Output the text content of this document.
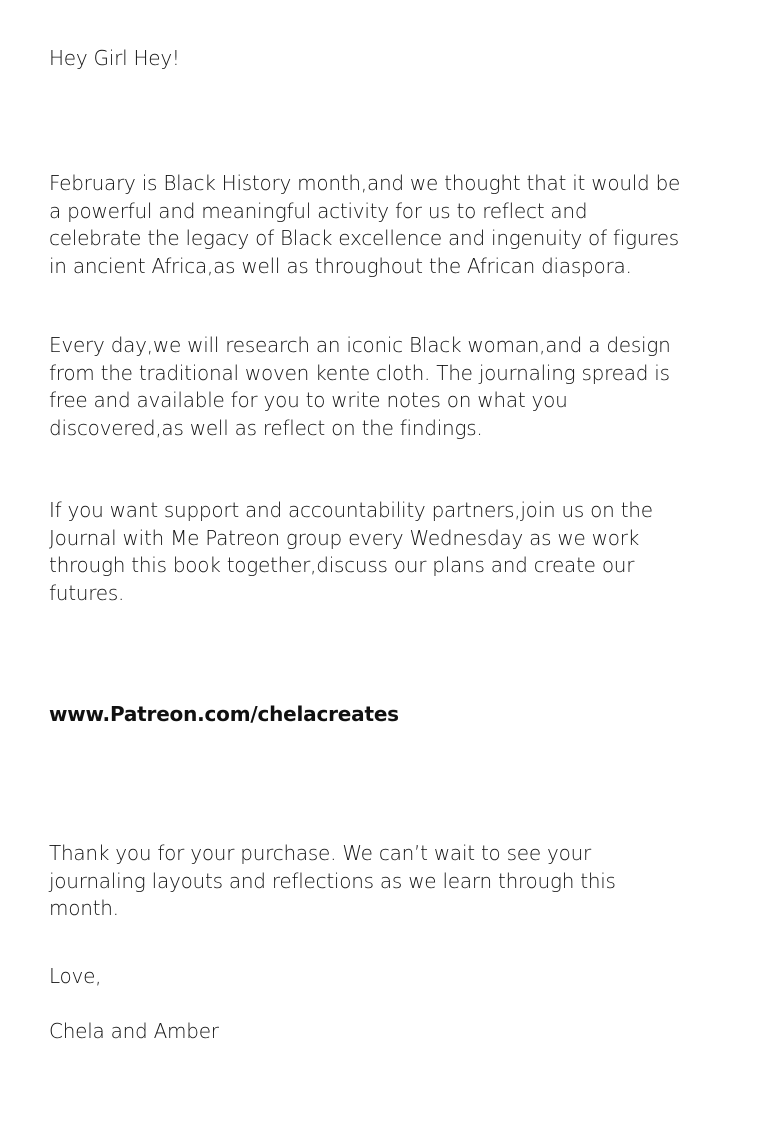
Hey Girl Hey!

February is Black History month,and we thought that it would be
a powerful and meaningful activity for us to reflect and
celebrate the legacy of Black excellence and ingenuity of figures
in ancient Africa,as well as throughout the African diaspora.

Every day,we will research an iconic Black woman,and a design
from the traditional woven kente cloth. The journaling spread is
free and available for you to write notes on what you
discovered,as well as reflect on the findings.

If you want support and accountability partners,join us on the
Journal with Me Patreon group every Wednesday as we work
through this book together,discuss our plans and create our
futures.

www.Patreon.com/chelacreates

Thank you for your purchase. We can’t wait to see your
journaling layouts and reflections as we learn through this
month.

Love,

Chela and Amber
